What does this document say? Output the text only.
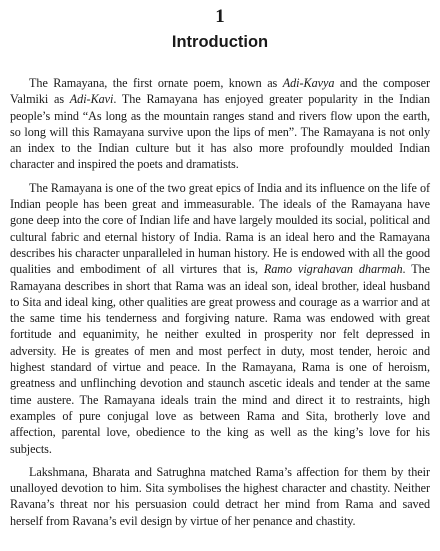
1
Introduction

The Ramayana, the first ornate poem, known as Adi-Kavya and the composer Valmiki as Adi-Kavi. The Ramayana has enjoyed greater popularity in the Indian people’s mind “As long as the mountain ranges stand and rivers flow upon the earth, so long will this Ramayana survive upon the lips of men”. The Ramayana is not only an index to the Indian culture but it has also more profoundly moulded Indian character and inspired the poets and dramatists.

The Ramayana is one of the two great epics of India and its influence on the life of Indian people has been great and immeasurable. The ideals of the Ramayana have gone deep into the core of Indian life and have largely moulded its social, political and cultural fabric and eternal history of India. Rama is an ideal hero and the Ramayana describes his character unparalleled in human history. He is endowed with all the good qualities and embodiment of all virtures that is, Ramo vigrahavan dharmah. The Ramayana describes in short that Rama was an ideal son, ideal brother, ideal husband to Sita and ideal king, other qualities are great prowess and courage as a warrior and at the same time his tenderness and forgiving nature. Rama was endowed with great fortitude and equanimity, he neither exulted in prosperity nor felt depressed in adversity. He is greates of men and most perfect in duty, most tender, heroic and highest standard of virtue and peace. In the Ramayana, Rama is one of heroism, greatness and unflinching devotion and staunch ascetic ideals and tender at the same time austere. The Ramayana ideals train the mind and direct it to restraints, high examples of pure conjugal love as between Rama and Sita, brotherly love and affection, parental love, obedience to the king as well as the king’s love for his subjects.

Lakshmana, Bharata and Satrughna matched Rama’s affection for them by their unalloyed devotion to him. Sita symbolises the highest character and chastity. Neither Ravana’s threat nor his persuasion could detract her mind from Rama and saved herself from Ravana’s evil design by virtue of her penance and chastity.
